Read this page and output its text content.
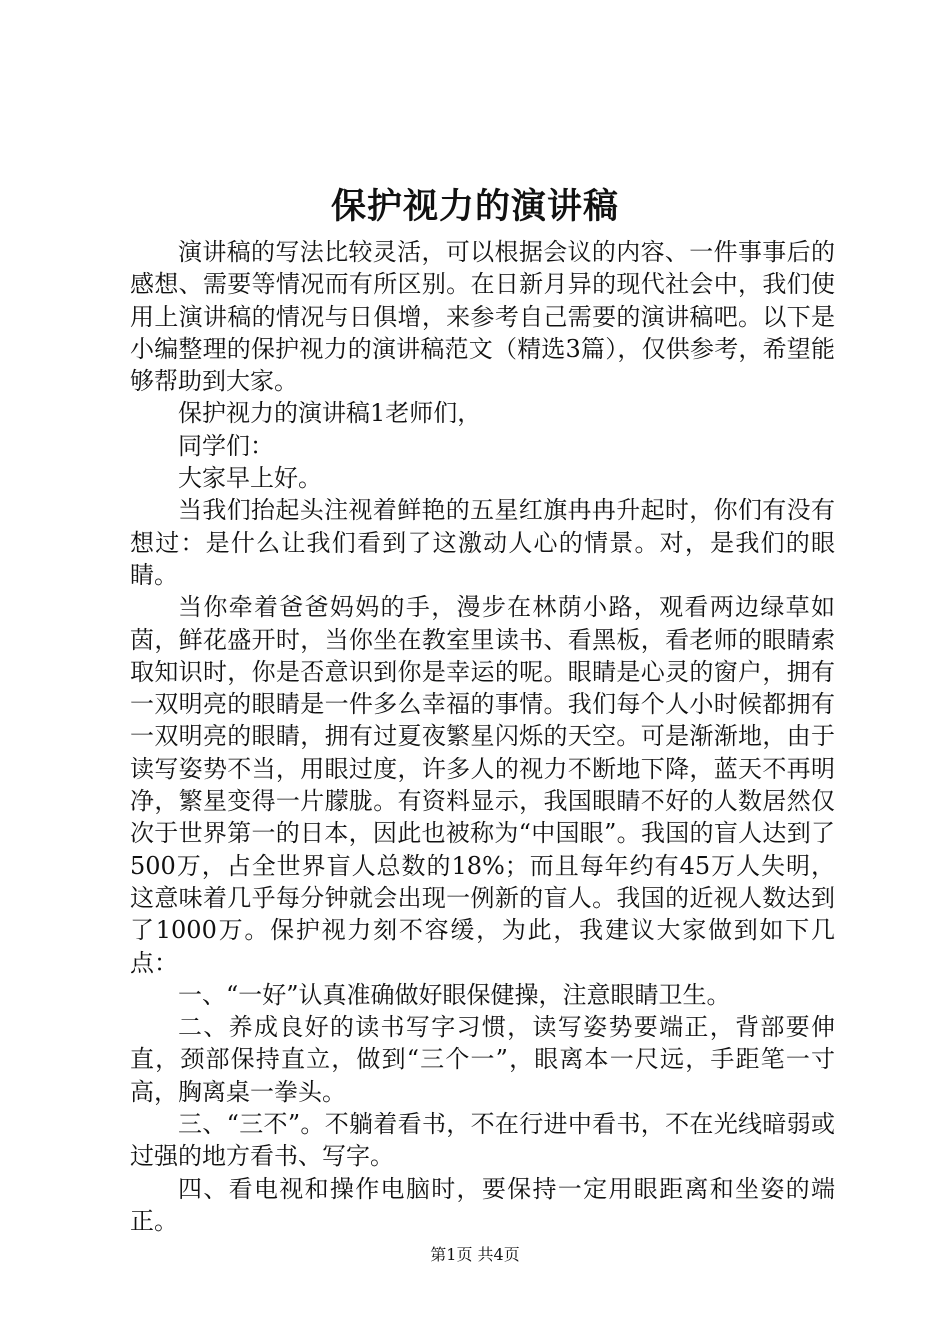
保护视力的演讲稿

演讲稿的写法比较灵活，可以根据会议的内容、一件事事后的感想、需要等情况而有所区别。在日新月异的现代社会中，我们使用上演讲稿的情况与日俱增，来参考自己需要的演讲稿吧。以下是小编整理的保护视力的演讲稿范文（精选3篇），仅供参考，希望能够帮助到大家。

保护视力的演讲稿1老师们，

同学们：

大家早上好。

当我们抬起头注视着鲜艳的五星红旗冉冉升起时，你们有没有想过：是什么让我们看到了这激动人心的情景。对，是我们的眼睛。

当你牵着爸爸妈妈的手，漫步在林荫小路，观看两边绿草如茵，鲜花盛开时，当你坐在教室里读书、看黑板，看老师的眼睛索取知识时，你是否意识到你是幸运的呢。眼睛是心灵的窗户，拥有一双明亮的眼睛是一件多么幸福的事情。我们每个人小时候都拥有一双明亮的眼睛，拥有过夏夜繁星闪烁的天空。可是渐渐地，由于读写姿势不当，用眼过度，许多人的视力不断地下降，蓝天不再明净，繁星变得一片朦胧。有资料显示，我国眼睛不好的人数居然仅次于世界第一的日本，因此也被称为“中国眼”。我国的盲人达到了500万，占全世界盲人总数的18%；而且每年约有45万人失明，这意味着几乎每分钟就会出现一例新的盲人。我国的近视人数达到了1000万。保护视力刻不容缓，为此，我建议大家做到如下几点：

一、“一好”认真准确做好眼保健操，注意眼睛卫生。

二、养成良好的读书写字习惯，读写姿势要端正，背部要伸直，颈部保持直立，做到“三个一”，眼离本一尺远，手距笔一寸高，胸离桌一拳头。

三、“三不”。不躺着看书，不在行进中看书，不在光线暗弱或过强的地方看书、写字。

四、看电视和操作电脑时，要保持一定用眼距离和坐姿的端正。

第1页 共4页
